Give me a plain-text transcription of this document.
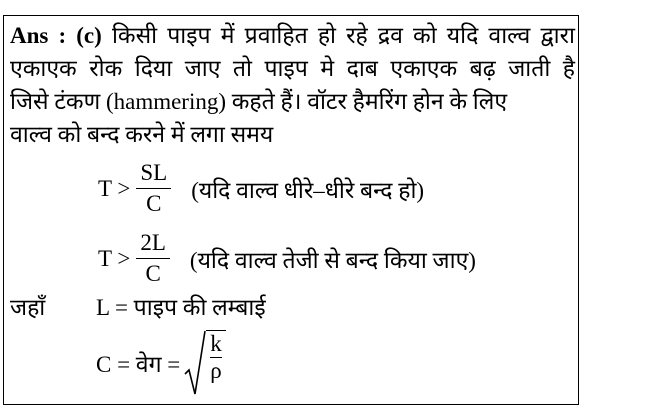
Ans : (c) किसी पाइप में प्रवाहित हो रहे द्रव को यदि वाल्व द्वारा
एकाएक रोक दिया जाए तो पाइप मे दाब एकाएक बढ़ जाती है
जिसे टंकण (hammering) कहते हैं। वॉटर हैमरिंग होन के लिए
वाल्व को बन्द करने में लगा समय
$T > \frac{SL}{C}$ (यदि वाल्व धीरे–धीरे बन्द हो)
$T > \frac{2L}{C}$ (यदि वाल्व तेजी से बन्द किया जाए)
जहाँ L = पाइप की लम्बाई
C = वेग = $\frac{k}{\rho}$
